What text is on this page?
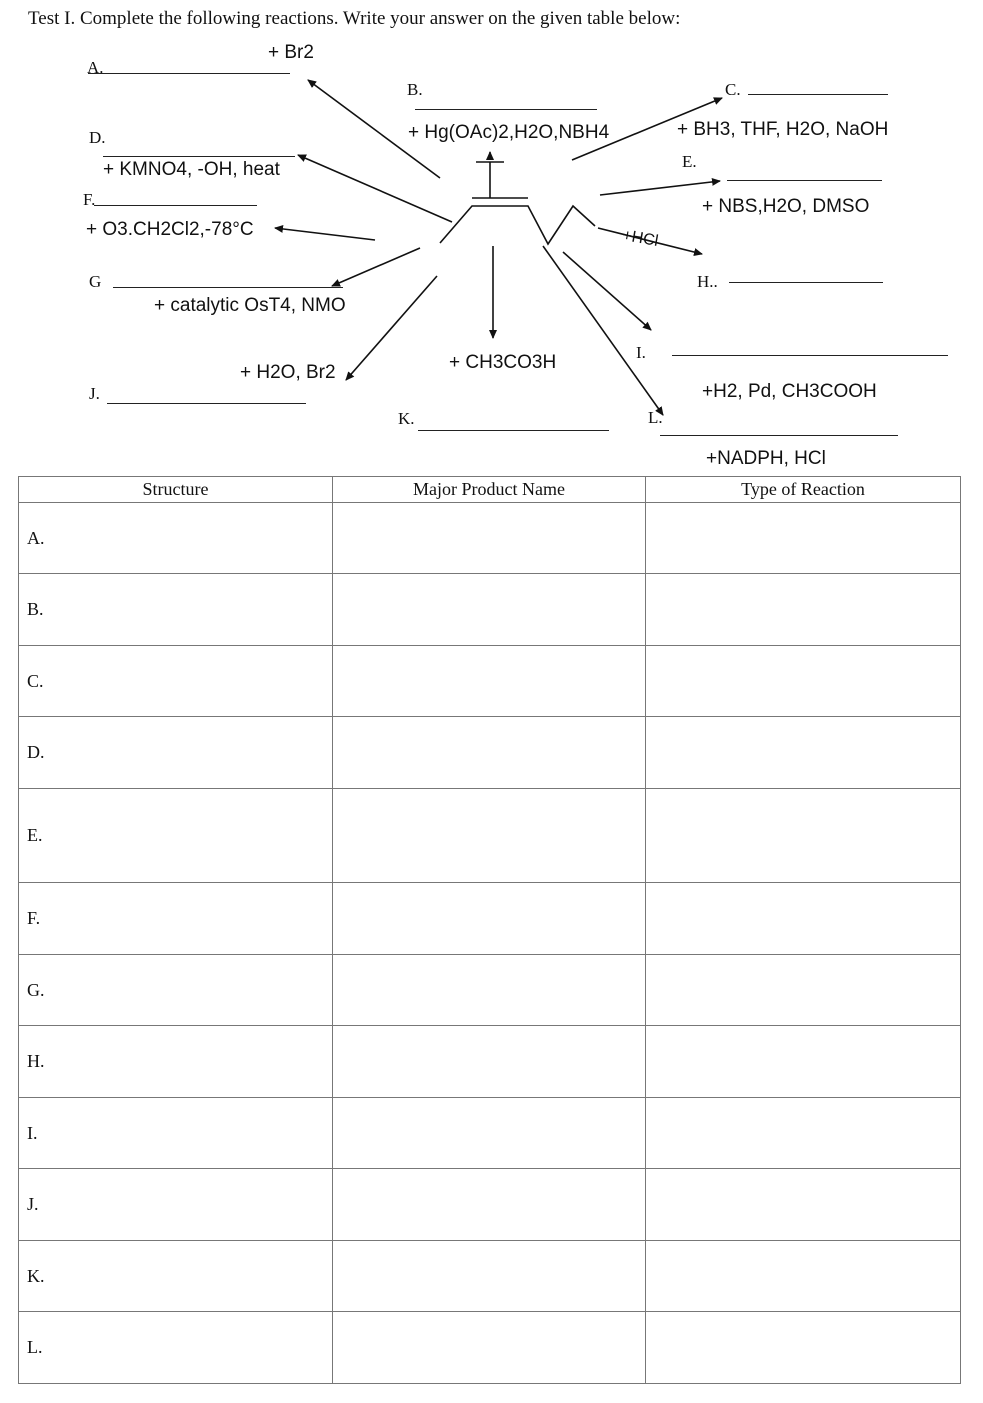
Test I. Complete the following reactions. Write your answer on the given table below:
A.
B.	C.
D.
E.
F.
G	H..
I.
J.
K.	L.
+ Br2
+ Hg(OAc)2,H2O,NBH4	+ BH3, THF, H2O, NaOH
+ KMNO4, -OH, heat
+ NBS,H2O, DMSO
+ O3.CH2Cl2,-78°C
+ catalytic OsT4, NMO
+HCl
+H2, Pd, CH3COOH
+ H2O, Br2	+ CH3CO3H
+NADPH, HCl
Structure	Major Product Name	Type of Reaction
A.		
B.		
C.		
D.		
E.		
F.		
G.		
H.		
I.		
J.		
K.		
L.		
